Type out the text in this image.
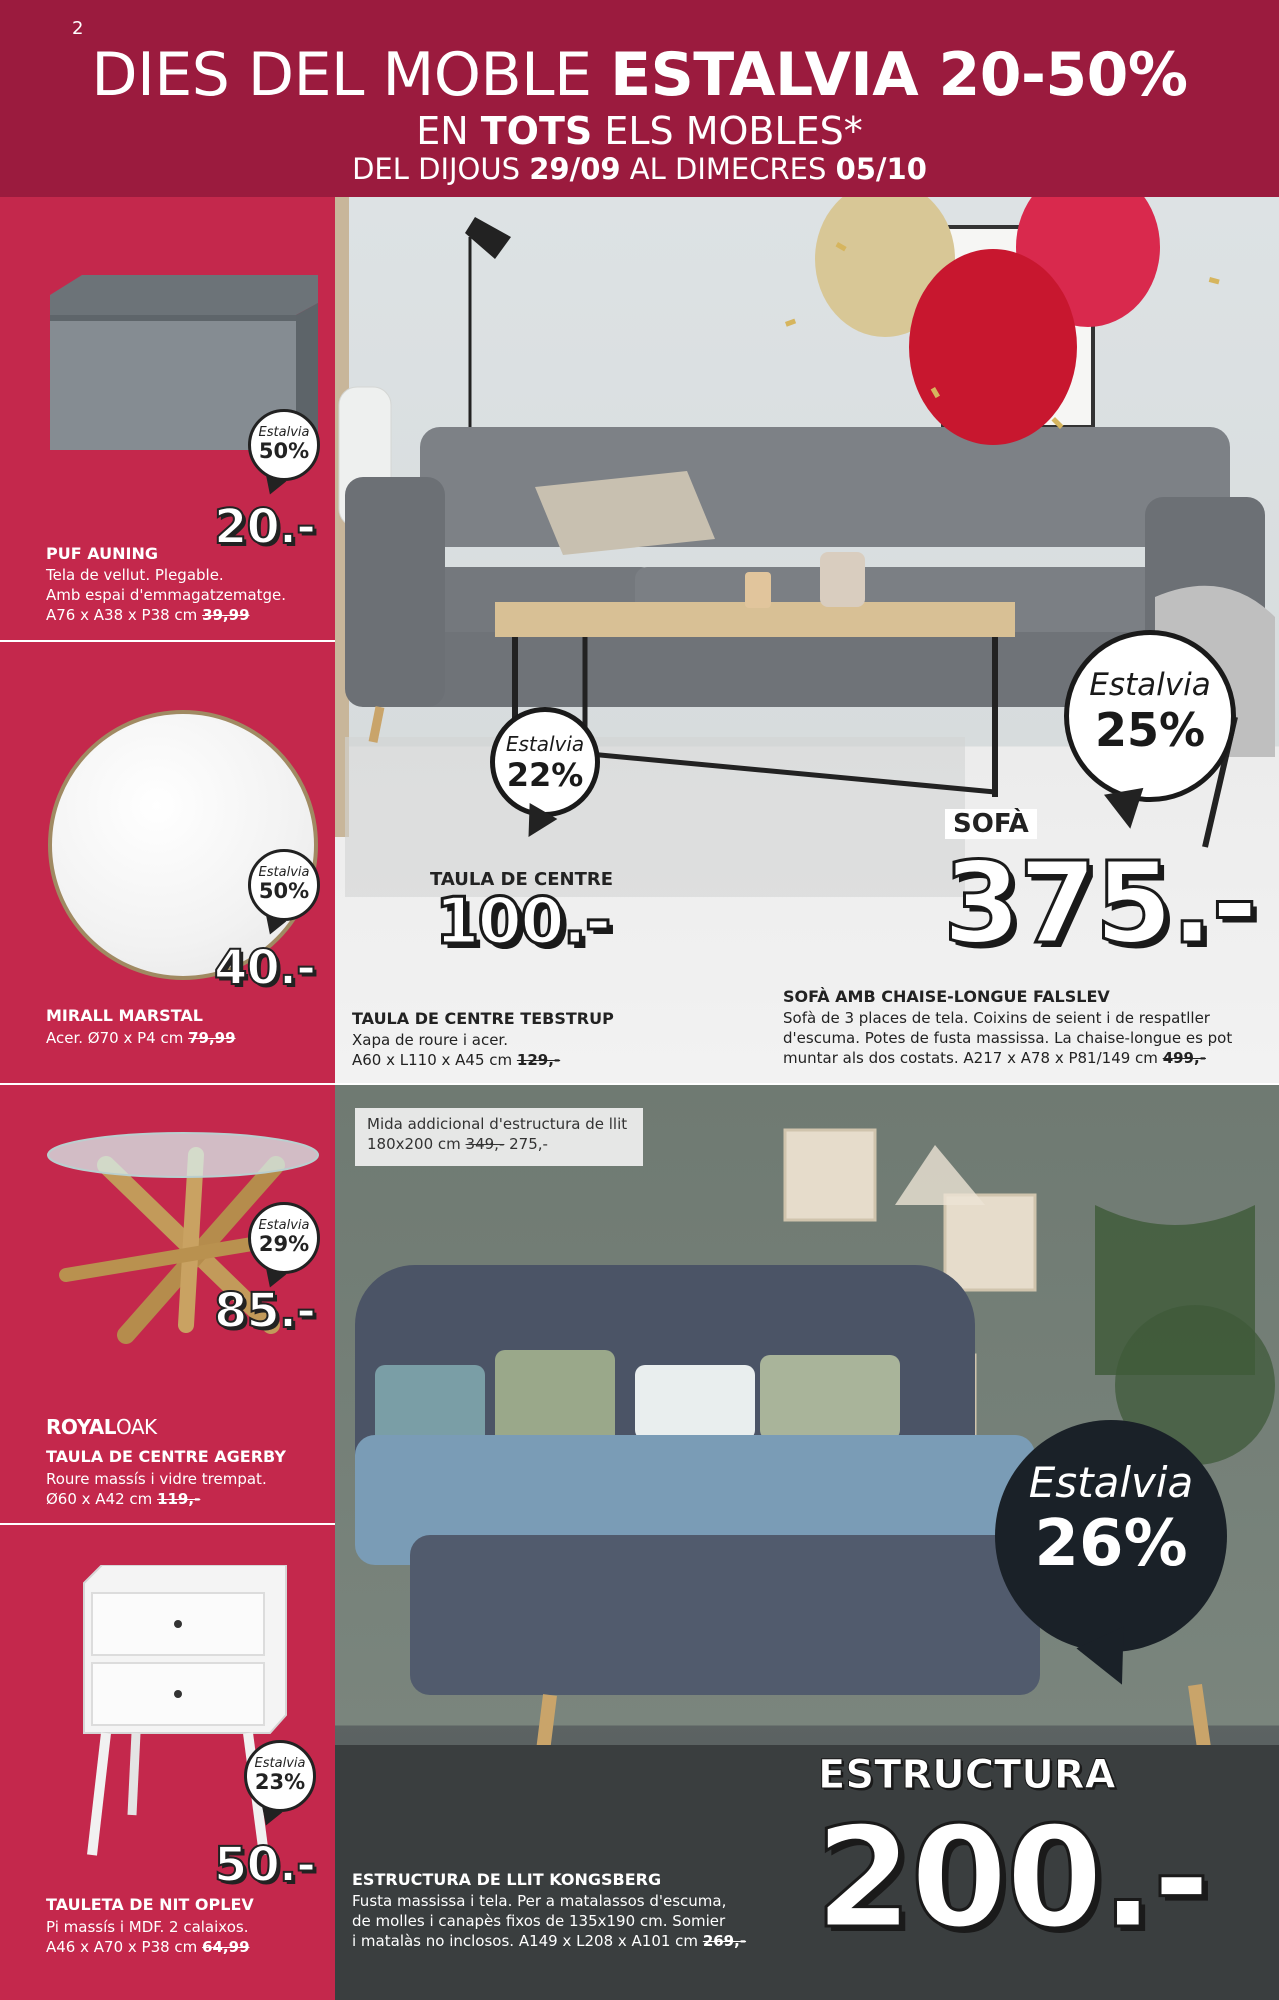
2
DIES DEL MOBLE ESTALVIA 20-50%
EN TOTS ELS MOBLES*
DEL DIJOUS 29/09 AL DIMECRES 05/10
Estalvia
50%
20.-
PUF AUNING
Tela de vellut. Plegable.
Amb espai d'emmagatzematge.
A76 x A38 x P38 cm 39,99
Estalvia
50%
40.-
MIRALL MARSTAL
Acer. Ø70 x P4 cm 79,99
Estalvia
29%
85.-
ROYALOAK
TAULA DE CENTRE AGERBY
Roure massís i vidre trempat.
Ø60 x A42 cm 119,-
Estalvia
23%
50.-
TAULETA DE NIT OPLEV
Pi massís i MDF. 2 calaixos.
A46 x A70 x P38 cm 64,99
Estalvia
22%
TAULA DE CENTRE
100.-
TAULA DE CENTRE TEBSTRUP
Xapa de roure i acer.
A60 x L110 x A45 cm 129,-
Estalvia
25%
SOFÀ
375.-
SOFÀ AMB CHAISE-LONGUE FALSLEV
Sofà de 3 places de tela. Coixins de seient i de respatller
d'escuma. Potes de fusta massissa. La chaise-longue es pot
muntar als dos costats. A217 x A78 x P81/149 cm 499,-
Mida addicional d'estructura de llit
180x200 cm 349,- 275,-
Estalvia
26%
ESTRUCTURA
200.-
ESTRUCTURA DE LLIT KONGSBERG
Fusta massissa i tela. Per a matalassos d'escuma,
de molles i canapès fixos de 135x190 cm. Somier
i matalàs no inclosos. A149 x L208 x A101 cm 269,-
